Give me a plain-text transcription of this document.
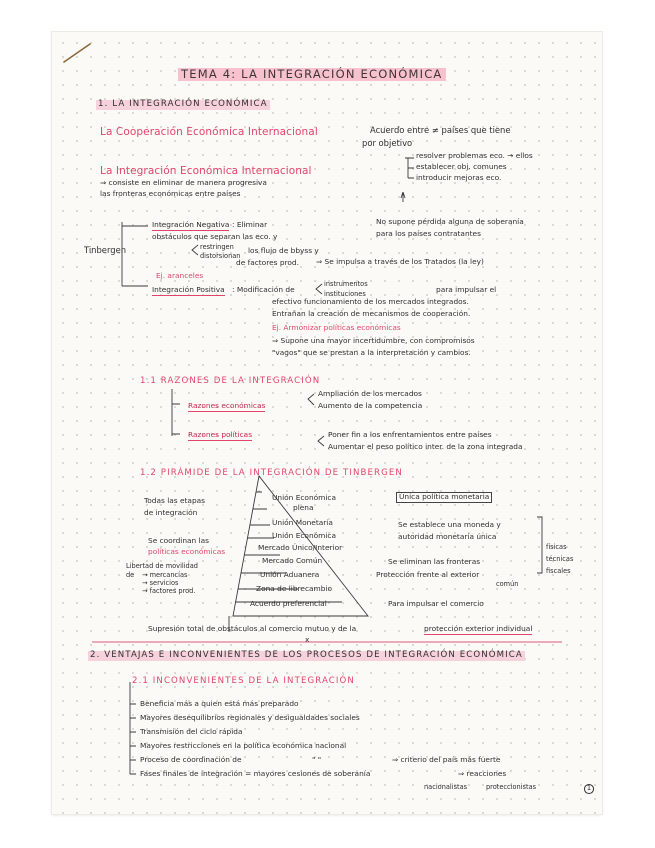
TEMA 4: LA INTEGRACIÓN ECONÓMICA
1. LA INTEGRACIÓN ECONÓMICA
La Cooperación Económica Internacional	Acuerdo entre ≠ países que tiene
por objetivo
resolver problemas eco. → ellos
establecer obj. comunes
introducir mejoras eco.
La Integración Económica Internacional
⇒ consiste en eliminar de manera progresiva
las fronteras económicas entre países
Tinbergen
Integración Negativa : Eliminar
obstáculos que separan las eco. y
restringen
distorsionan
los flujo de bbyss y
de factores prod.
Ej. aranceles
No supone pérdida alguna de soberanía
para los países contratantes
⇒ Se impulsa a través de los Tratados (la ley)
Integración Positiva : Modificación de
instrumentos
instituciones	para impulsar el
efectivo funcionamiento de los mercados integrados.
Entrañan la creación de mecanismos de cooperación.
Ej. Armonizar políticas económicas
⇒ Supone una mayor incertidumbre, con compromisos
"vagos" que se prestan a la interpretación y cambios.
1.1 RAZONES DE LA INTEGRACIÓN
Razones económicas
Ampliación de los mercados
Aumento de la competencia
Razones políticas	Poner fin a los enfrentamientos entre países
Aumentar el peso político inter. de la zona integrada
1.2 PIRÁMIDE DE LA INTEGRACIÓN DE TINBERGEN
Todas las etapas
de integración
Unión Económica
plena
Única política monetaria
Unión Monetaria	Se establece una moneda y
autoridad monetaria única
Se coordinan las
políticas económicas
Unión Económica
Mercado Único/Interior
Libertad de movilidad
de → mercancías
→ servicios
→ factores prod.
Mercado Común	Se eliminan las fronteras
físicas
técnicas
fiscales
Unión Aduanera	Protección frente al exterior
común
Zona de librecambio
Acuerdo preferencial	Para impulsar el comercio
Supresión total de obstáculos al comercio mutuo y de la	protección exterior individual
x
2. VENTAJAS E INCONVENIENTES DE LOS PROCESOS DE INTEGRACIÓN ECONÓMICA
2.1 INCONVENIENTES DE LA INTEGRACIÓN
Beneficia más a quien está más preparado
Mayores desequilibrios regionales y desigualdades sociales
Transmisión del ciclo rápida
Mayores restricciones en la política económica nacional
Proceso de coordinación de	" "	⇒ criterio del país más fuerte
Fases finales de integración = mayores cesiones de soberanía	⇒ reacciones
nacionalistas	proteccionistas	1
